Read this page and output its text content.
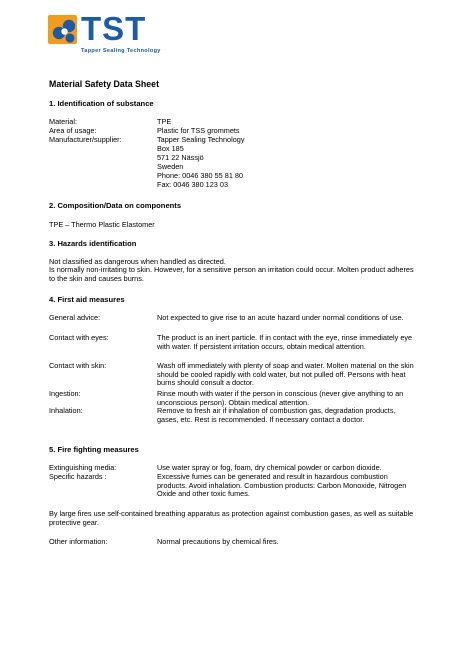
TST
Tapper Sealing Technology
Material Safety Data Sheet
1. Identification of substance
Material:	TPE
Area of usage:	Plastic for TSS grommets
Manufacturer/supplier:	Tapper Sealing Technology
Box 185
571 22 Nässjö
Sweden
Phone: 0046 380 55 81 80
Fax: 0046 380 123 03
2. Composition/Data on components
TPE – Thermo Plastic Elastomer
3. Hazards identification
Not classified as dangerous when handled as directed.
Is normally non-irritating to skin. However, for a sensitive person an irritation could occur. Molten product adheres to the skin and causes burns.
4. First aid measures
General advice:	Not expected to give rise to an acute hazard under normal conditions of use.
Contact with eyes:	The product is an inert particle. If in contact with the eye, rinse immediately eye with water. If persistent irritation occurs, obtain medical attention.
Contact with skin:	Wash off immediately with plenty of soap and water. Molten material on the skin should be cooled rapidly with cold water, but not pulled off. Persons with heat burns should consult a doctor.
Ingestion:	Rinse mouth with water if the person in conscious (never give anything to an unconscious person). Obtain medical attention.
Inhalation:	Remove to fresh air if inhalation of combustion gas, degradation products, gases, etc. Rest is recommended. If necessary contact a doctor.
5. Fire fighting measures
Extinguishing media:	Use water spray or fog, foam, dry chemical powder or carbon dioxide.
Specific hazards :	Excessive fumes can be generated and result in hazardous combustion products. Avoid inhalation. Combustion products: Carbon Monoxide, Nitrogen Oxide and other toxic fumes.
By large fires use self-contained breathing apparatus as protection against combustion gases, as well as suitable protective gear.
Other information:	Normal precautions by chemical fires.
